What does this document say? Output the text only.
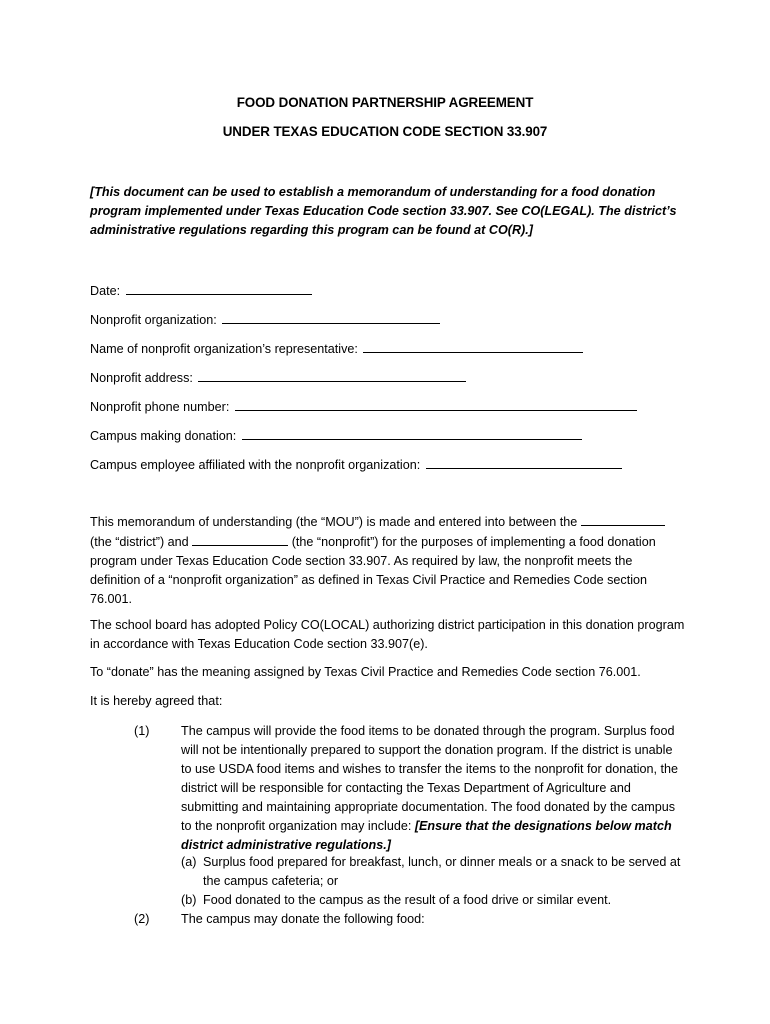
FOOD DONATION PARTNERSHIP AGREEMENT
UNDER TEXAS EDUCATION CODE SECTION 33.907
[This document can be used to establish a memorandum of understanding for a food donation program implemented under Texas Education Code section 33.907. See CO(LEGAL). The district’s administrative regulations regarding this program can be found at CO(R).]
Date:
Nonprofit organization:
Name of nonprofit organization’s representative:
Nonprofit address:
Nonprofit phone number:
Campus making donation:
Campus employee affiliated with the nonprofit organization:
This memorandum of understanding (the “MOU”) is made and entered into between the  (the “district”) and	(the “nonprofit”) for the purposes of implementing a food donation program under Texas Education Code section 33.907. As required by law, the nonprofit meets the definition of a “nonprofit organization” as defined in Texas Civil Practice and Remedies Code section 76.001.
The school board has adopted Policy CO(LOCAL) authorizing district participation in this donation program in accordance with Texas Education Code section 33.907(e).
To “donate” has the meaning assigned by Texas Civil Practice and Remedies Code section 76.001.
It is hereby agreed that:
(1)	The campus will provide the food items to be donated through the program. Surplus food will not be intentionally prepared to support the donation program. If the district is unable to use USDA food items and wishes to transfer the items to the nonprofit for donation, the district will be responsible for contacting the Texas Department of Agriculture and submitting and maintaining appropriate documentation. The food donated by the campus to the nonprofit organization may include: [Ensure that the designations below match district administrative regulations.]
(a) Surplus food prepared for breakfast, lunch, or dinner meals or a snack to be served at the campus cafeteria; or
(b) Food donated to the campus as the result of a food drive or similar event.
(2)	The campus may donate the following food:
